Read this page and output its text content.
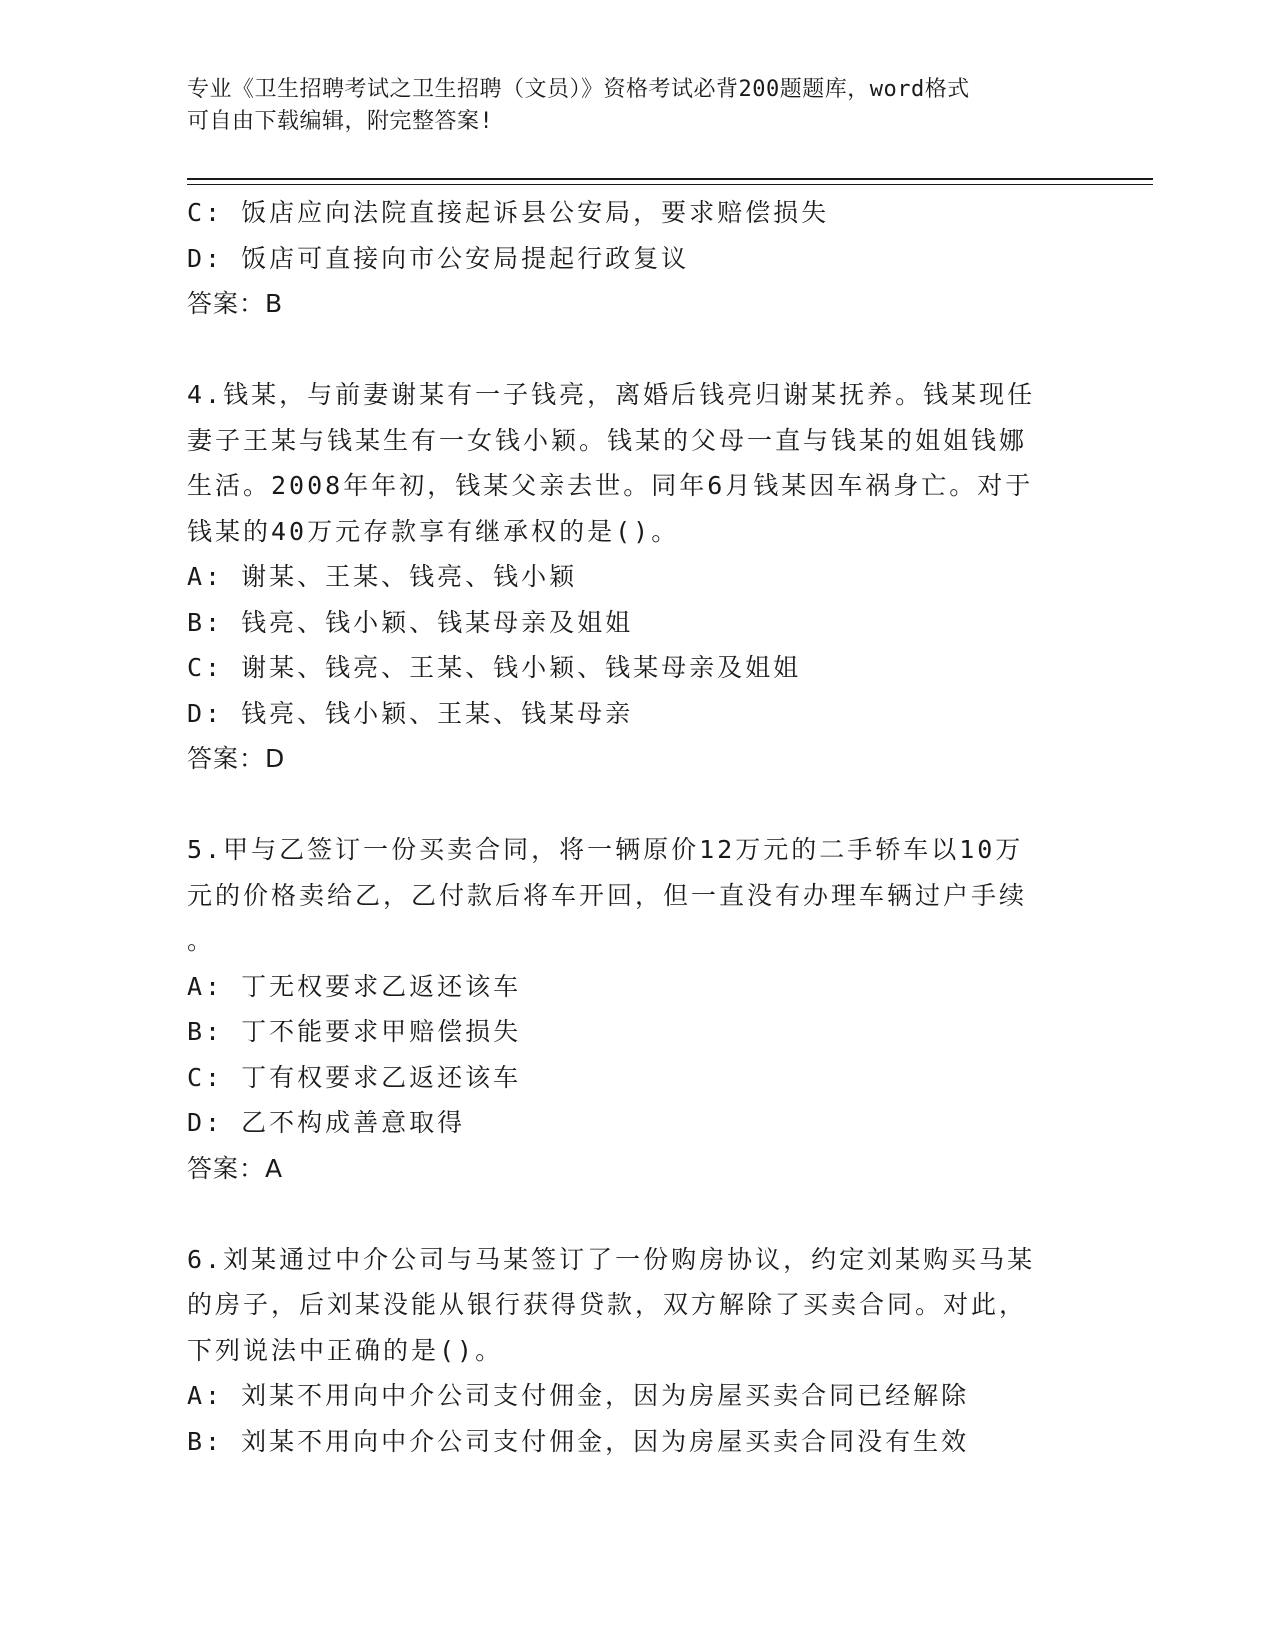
专业《卫生招聘考试之卫生招聘（文员）》资格考试必背200题题库，word格式
可自由下载编辑，附完整答案!

C: 饭店应向法院直接起诉县公安局，要求赔偿损失

D: 饭店可直接向市公安局提起行政复议

答案：B

4.钱某，与前妻谢某有一子钱亮，离婚后钱亮归谢某抚养。钱某现任

妻子王某与钱某生有一女钱小颖。钱某的父母一直与钱某的姐姐钱娜

生活。2008年年初，钱某父亲去世。同年6月钱某因车祸身亡。对于

钱某的40万元存款享有继承权的是()。

A: 谢某、王某、钱亮、钱小颖

B: 钱亮、钱小颖、钱某母亲及姐姐

C: 谢某、钱亮、王某、钱小颖、钱某母亲及姐姐

D: 钱亮、钱小颖、王某、钱某母亲

答案：D

5.甲与乙签订一份买卖合同，将一辆原价12万元的二手轿车以10万

元的价格卖给乙，乙付款后将车开回，但一直没有办理车辆过户手续

。

A: 丁无权要求乙返还该车

B: 丁不能要求甲赔偿损失

C: 丁有权要求乙返还该车

D: 乙不构成善意取得

答案：A

6.刘某通过中介公司与马某签订了一份购房协议，约定刘某购买马某

的房子，后刘某没能从银行获得贷款，双方解除了买卖合同。对此，

下列说法中正确的是()。

A: 刘某不用向中介公司支付佣金，因为房屋买卖合同已经解除

B: 刘某不用向中介公司支付佣金，因为房屋买卖合同没有生效
